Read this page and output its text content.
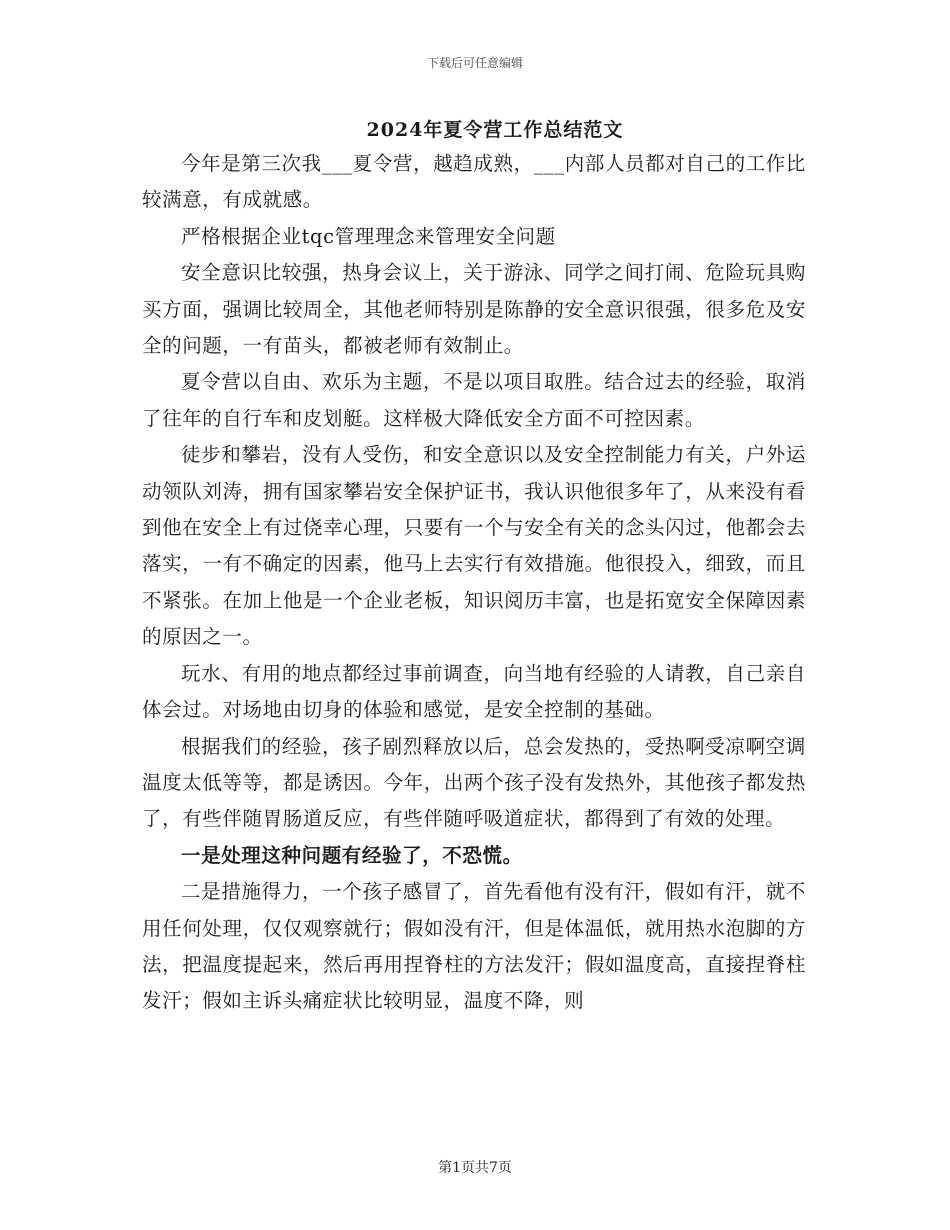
下载后可任意编辑
2024年夏令营工作总结范文

今年是第三次我___夏令营，越趋成熟，___内部人员都对自己的工作比较满意，有成就感。

严格根据企业tqc管理理念来管理安全问题

安全意识比较强，热身会议上，关于游泳、同学之间打闹、危险玩具购买方面，强调比较周全，其他老师特别是陈静的安全意识很强，很多危及安全的问题，一有苗头，都被老师有效制止。

夏令营以自由、欢乐为主题，不是以项目取胜。结合过去的经验，取消了往年的自行车和皮划艇。这样极大降低安全方面不可控因素。

徒步和攀岩，没有人受伤，和安全意识以及安全控制能力有关，户外运动领队刘涛，拥有国家攀岩安全保护证书，我认识他很多年了，从来没有看到他在安全上有过侥幸心理，只要有一个与安全有关的念头闪过，他都会去落实，一有不确定的因素，他马上去实行有效措施。他很投入，细致，而且不紧张。在加上他是一个企业老板，知识阅历丰富，也是拓宽安全保障因素的原因之一。

玩水、有用的地点都经过事前调查，向当地有经验的人请教，自己亲自体会过。对场地由切身的体验和感觉，是安全控制的基础。

根据我们的经验，孩子剧烈释放以后，总会发热的，受热啊受凉啊空调温度太低等等，都是诱因。今年，出两个孩子没有发热外，其他孩子都发热了，有些伴随胃肠道反应，有些伴随呼吸道症状，都得到了有效的处理。

一是处理这种问题有经验了，不恐慌。

二是措施得力，一个孩子感冒了，首先看他有没有汗，假如有汗，就不用任何处理，仅仅观察就行；假如没有汗，但是体温低，就用热水泡脚的方法，把温度提起来，然后再用捏脊柱的方法发汗；假如温度高，直接捏脊柱发汗；假如主诉头痛症状比较明显，温度不降，则

第1页共7页
